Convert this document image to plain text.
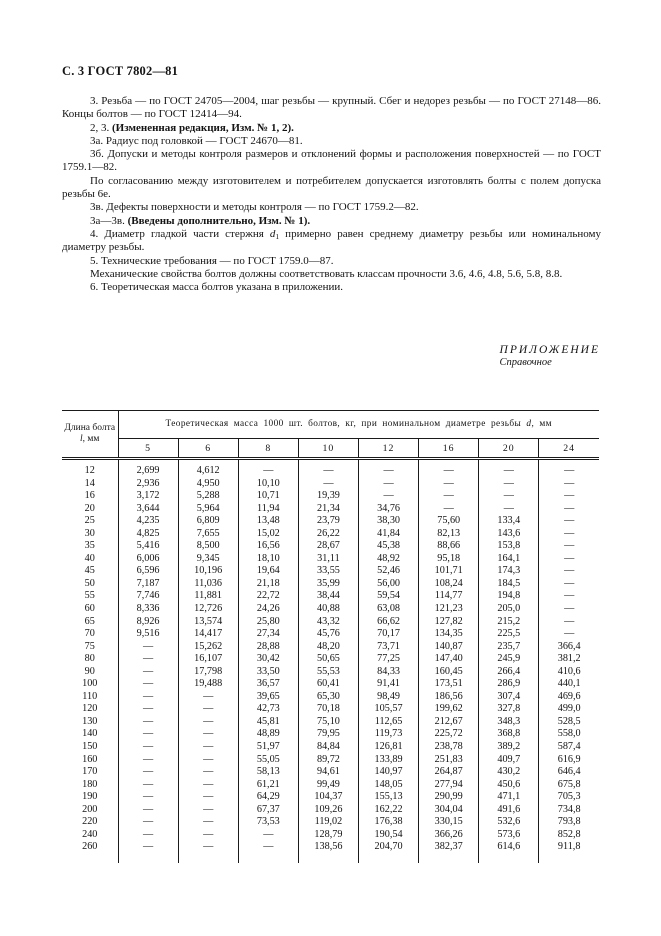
С. 3 ГОСТ 7802—81

3. Резьба — по ГОСТ 24705—2004, шаг резьбы — крупный. Сбег и недорез резьбы — по ГОСТ 27148—86. Концы болтов — по ГОСТ 12414—94.

2, 3. (Измененная редакция, Изм. № 1, 2).

3а. Радиус под головкой — ГОСТ 24670—81.

3б. Допуски и методы контроля размеров и отклонений формы и расположения поверхностей — по ГОСТ 1759.1—82.

По согласованию между изготовителем и потребителем допускается изготовлять болты с полем допуска резьбы 6е.

3в. Дефекты поверхности и методы контроля — по ГОСТ 1759.2—82.

3а—3в. (Введены дополнительно, Изм. № 1).

4. Диаметр гладкой части стержня $d_1$ примерно равен среднему диаметру резьбы или номинальному диаметру резьбы.

5. Технические требования — по ГОСТ 1759.0—87.

Механические свойства болтов должны соответствовать классам прочности 3.6, 4.6, 4.8, 5.6, 5.8, 8.8.

6. Теоретическая масса болтов указана в приложении.

ПРИЛОЖЕНИЕ
Справочное
Длина болта
l, мм	Теоретическая масса 1000 шт. болтов, кг, при номинальном диаметре резьбы d, мм							
	5	6	8	10	12	16	20	24
12	2,699	4,612	—	—	—	—	—	—
14	2,936	4,950	10,10	—	—	—	—	—
16	3,172	5,288	10,71	19,39	—	—	—	—
20	3,644	5,964	11,94	21,34	34,76	—	—	—
25	4,235	6,809	13,48	23,79	38,30	75,60	133,4	—
30	4,825	7,655	15,02	26,22	41,84	82,13	143,6	—
35	5,416	8,500	16,56	28,67	45,38	88,66	153,8	—
40	6,006	9,345	18,10	31,11	48,92	95,18	164,1	—
45	6,596	10,196	19,64	33,55	52,46	101,71	174,3	—
50	7,187	11,036	21,18	35,99	56,00	108,24	184,5	—
55	7,746	11,881	22,72	38,44	59,54	114,77	194,8	—
60	8,336	12,726	24,26	40,88	63,08	121,23	205,0	—
65	8,926	13,574	25,80	43,32	66,62	127,82	215,2	—
70	9,516	14,417	27,34	45,76	70,17	134,35	225,5	—
75	—	15,262	28,88	48,20	73,71	140,87	235,7	366,4
80	—	16,107	30,42	50,65	77,25	147,40	245,9	381,2
90	—	17,798	33,50	55,53	84,33	160,45	266,4	410,6
100	—	19,488	36,57	60,41	91,41	173,51	286,9	440,1
110	—	—	39,65	65,30	98,49	186,56	307,4	469,6
120	—	—	42,73	70,18	105,57	199,62	327,8	499,0
130	—	—	45,81	75,10	112,65	212,67	348,3	528,5
140	—	—	48,89	79,95	119,73	225,72	368,8	558,0
150	—	—	51,97	84,84	126,81	238,78	389,2	587,4
160	—	—	55,05	89,72	133,89	251,83	409,7	616,9
170	—	—	58,13	94,61	140,97	264,87	430,2	646,4
180	—	—	61,21	99,49	148,05	277,94	450,6	675,8
190	—	—	64,29	104,37	155,13	290,99	471,1	705,3
200	—	—	67,37	109,26	162,22	304,04	491,6	734,8
220	—	—	73,53	119,02	176,38	330,15	532,6	793,8
240	—	—	—	128,79	190,54	366,26	573,6	852,8
260	—	—	—	138,56	204,70	382,37	614,6	911,8
